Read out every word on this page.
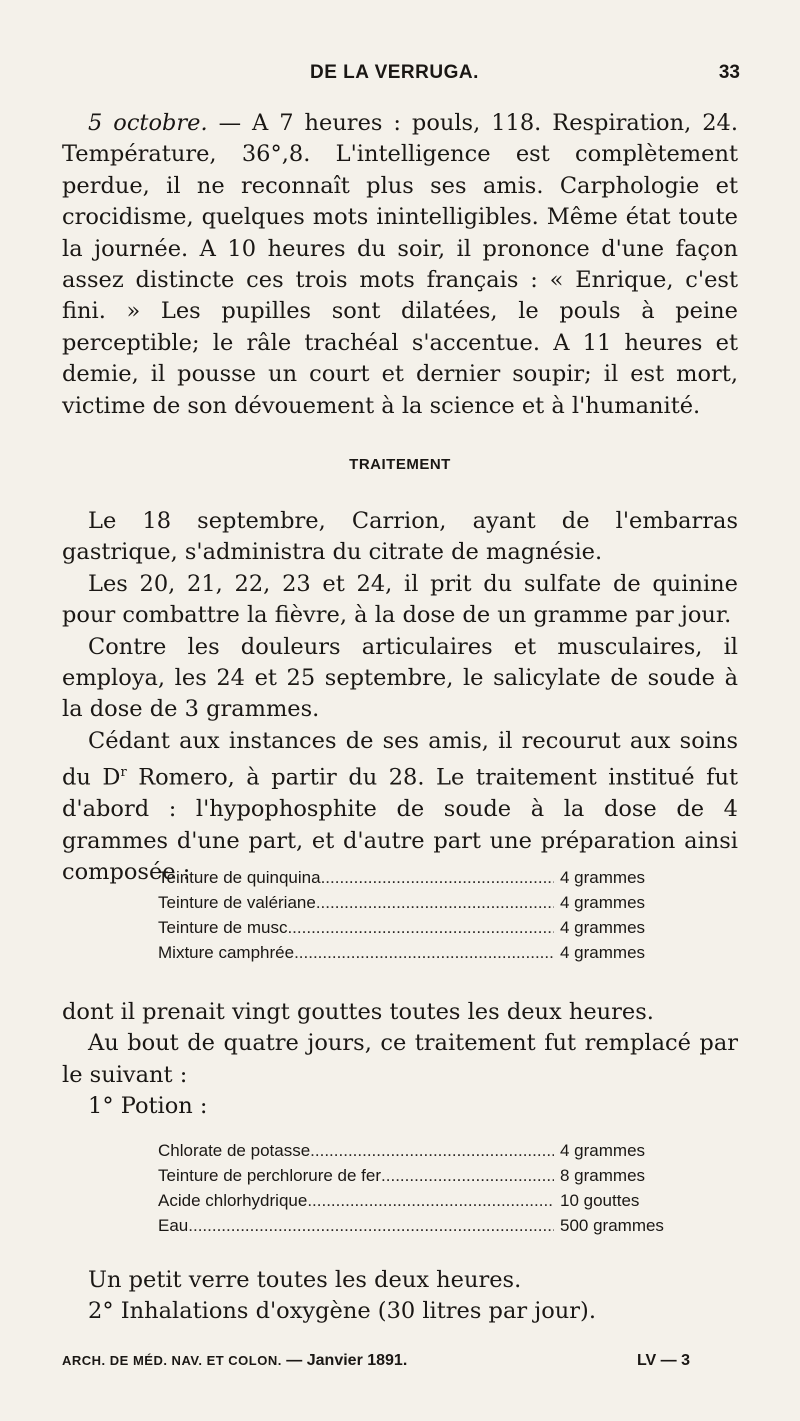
DE LA VERRUGA.	33

5 octobre. — A 7 heures : pouls, 118. Respiration, 24. Température, 36°,8. L'intelligence est complètement perdue, il ne reconnaît plus ses amis. Carphologie et crocidisme, quelques mots inintelligibles. Même état toute la journée. A 10 heures du soir, il prononce d'une façon assez distincte ces trois mots français : « Enrique, c'est fini. » Les pupilles sont dilatées, le pouls à peine perceptible; le râle trachéal s'accentue. A 11 heures et demie, il pousse un court et dernier soupir; il est mort, victime de son dévouement à la science et à l'humanité.

TRAITEMENT

Le 18 septembre, Carrion, ayant de l'embarras gastrique, s'administra du citrate de magnésie.

Les 20, 21, 22, 23 et 24, il prit du sulfate de quinine pour combattre la fièvre, à la dose de un gramme par jour.

Contre les douleurs articulaires et musculaires, il employa, les 24 et 25 septembre, le salicylate de soude à la dose de 3 grammes.

Cédant aux instances de ses amis, il recourut aux soins du $D^r$ Romero, à partir du 28. Le traitement institué fut d'abord : l'hypophosphite de soude à la dose de 4 grammes d'une part, et d'autre part une préparation ainsi composée :

Teinture de quinquina .....	4 grammes
Teinture de valériane .....	4 grammes
Teinture de musc .....	4 grammes
Mixture camphrée .....	4 grammes

dont il prenait vingt gouttes toutes les deux heures.

Au bout de quatre jours, ce traitement fut remplacé par le suivant :

1° Potion :

Chlorate de potasse .....	4 grammes
Teinture de perchlorure de fer .....	8 grammes
Acide chlorhydrique .....	10 gouttes
Eau .....	500 grammes

Un petit verre toutes les deux heures.

2° Inhalations d'oxygène (30 litres par jour).

ARCH. DE MÉD. NAV. ET COLON. — Janvier 1891.	LV — 3
